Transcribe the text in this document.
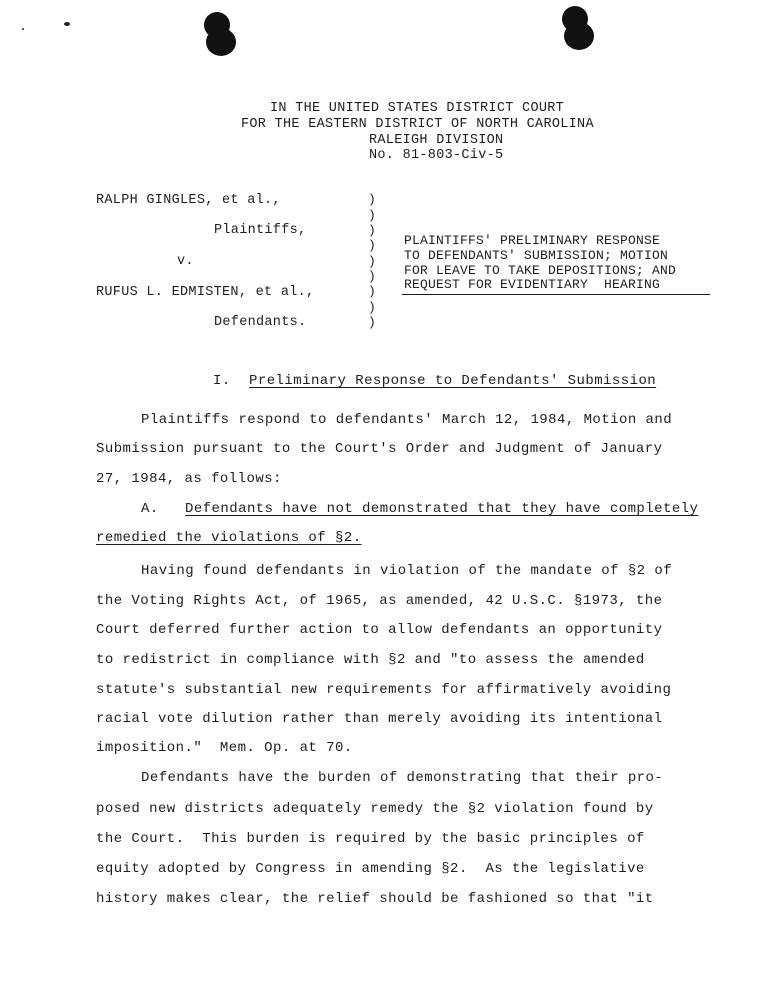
IN THE UNITED STATES DISTRICT COURT
FOR THE EASTERN DISTRICT OF NORTH CAROLINA
RALEIGH DIVISION
No. 81-803-Civ-5
RALPH GINGLES, et al.,
Plaintiffs,
v.
RUFUS L. EDMISTEN, et al.,
Defendants.
)
)
)
)
)
)
)
)
)
PLAINTIFFS' PRELIMINARY RESPONSE
TO DEFENDANTS' SUBMISSION; MOTION
FOR LEAVE TO TAKE DEPOSITIONS; AND
REQUEST FOR EVIDENTIARY  HEARING
I. Preliminary Response to Defendants' Submission
Plaintiffs respond to defendants' March 12, 1984, Motion and
Submission pursuant to the Court's Order and Judgment of January
27, 1984, as follows:
A. Defendants have not demonstrated that they have completely
remedied the violations of §2.
Having found defendants in violation of the mandate of §2 of
the Voting Rights Act, of 1965, as amended, 42 U.S.C. §1973, the
Court deferred further action to allow defendants an opportunity
to redistrict in compliance with §2 and "to assess the amended
statute's substantial new requirements for affirmatively avoiding
racial vote dilution rather than merely avoiding its intentional
imposition."  Mem. Op. at 70.
Defendants have the burden of demonstrating that their pro-
posed new districts adequately remedy the §2 violation found by
the Court.  This burden is required by the basic principles of
equity adopted by Congress in amending §2.  As the legislative
history makes clear, the relief should be fashioned so that "it
